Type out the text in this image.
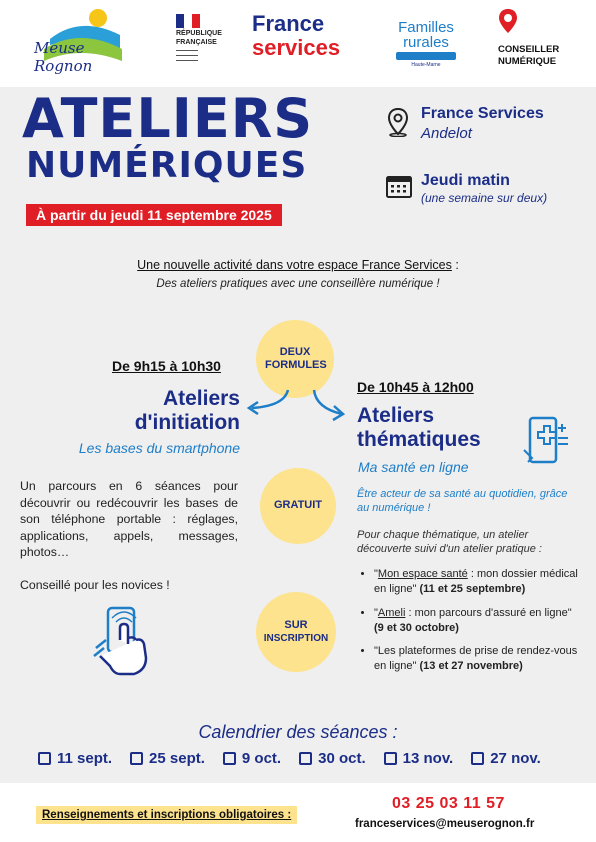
Meuse Rognon
RÉPUBLIQUE
FRANÇAISE
France
services
Familles
rurales
Haute-Marne
CONSEILLER
NUMÉRIQUE
ATELIERS
NUMÉRIQUES
À partir du jeudi 11 septembre 2025
France Services
Andelot
Jeudi matin
(une semaine sur deux)
Une nouvelle activité dans votre espace France Services :
Des ateliers pratiques avec une conseillère numérique !
DEUX FORMULES
GRATUIT
SUR
INSCRIPTION
De 9h15 à 10h30
Ateliers
d'initiation
Les bases du smartphone
Un parcours en 6 séances pour découvrir ou redécouvrir les bases de son téléphone portable : réglages, applications, appels, messages, photos…
Conseillé pour les novices !
De 10h45 à 12h00
Ateliers
thématiques
Ma santé en ligne
Être acteur de sa santé au quotidien, grâce au numérique !
Pour chaque thématique, un atelier découverte suivi d'un atelier pratique :
• "Mon espace santé : mon dossier médical en ligne" (11 et 25 septembre)
• "Ameli : mon parcours d'assuré en ligne" (9 et 30 octobre)
• "Les plateformes de prise de rendez-vous en ligne" (13 et 27 novembre)
Calendrier des séances :
11 sept. 25 sept. 9 oct. 30 oct. 13 nov. 27 nov.
Renseignements et inscriptions obligatoires :
03 25 03 11 57
franceservices@meuserognon.fr
